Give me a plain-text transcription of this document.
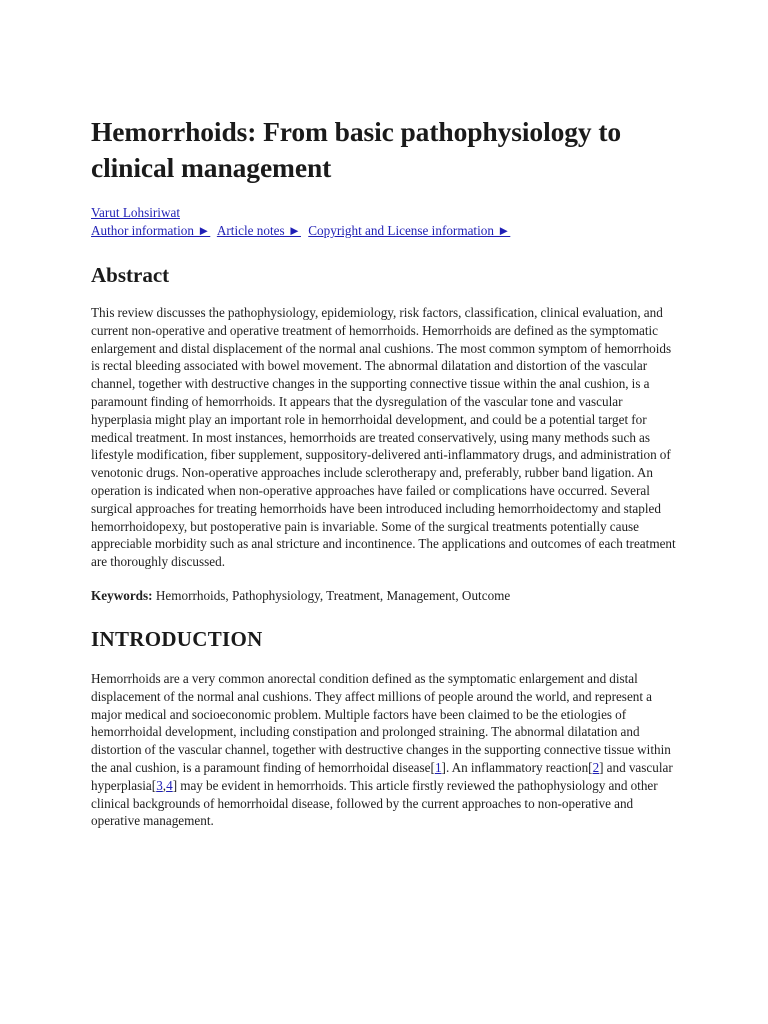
Hemorrhoids: From basic pathophysiology to clinical management
Varut Lohsiriwat
Author information ► Article notes ► Copyright and License information ►
Abstract

This review discusses the pathophysiology, epidemiology, risk factors, classification, clinical evaluation, and current non-operative and operative treatment of hemorrhoids. Hemorrhoids are defined as the symptomatic enlargement and distal displacement of the normal anal cushions. The most common symptom of hemorrhoids is rectal bleeding associated with bowel movement. The abnormal dilatation and distortion of the vascular channel, together with destructive changes in the supporting connective tissue within the anal cushion, is a paramount finding of hemorrhoids. It appears that the dysregulation of the vascular tone and vascular hyperplasia might play an important role in hemorrhoidal development, and could be a potential target for medical treatment. In most instances, hemorrhoids are treated conservatively, using many methods such as lifestyle modification, fiber supplement, suppository-delivered anti-inflammatory drugs, and administration of venotonic drugs. Non-operative approaches include sclerotherapy and, preferably, rubber band ligation. An operation is indicated when non-operative approaches have failed or complications have occurred. Several surgical approaches for treating hemorrhoids have been introduced including hemorrhoidectomy and stapled hemorrhoidopexy, but postoperative pain is invariable. Some of the surgical treatments potentially cause appreciable morbidity such as anal stricture and incontinence. The applications and outcomes of each treatment are thoroughly discussed.

Keywords: Hemorrhoids, Pathophysiology, Treatment, Management, Outcome

INTRODUCTION

Hemorrhoids are a very common anorectal condition defined as the symptomatic enlargement and distal displacement of the normal anal cushions. They affect millions of people around the world, and represent a major medical and socioeconomic problem. Multiple factors have been claimed to be the etiologies of hemorrhoidal development, including constipation and prolonged straining. The abnormal dilatation and distortion of the vascular channel, together with destructive changes in the supporting connective tissue within the anal cushion, is a paramount finding of hemorrhoidal disease[1]. An inflammatory reaction[2] and vascular hyperplasia[3,4] may be evident in hemorrhoids. This article firstly reviewed the pathophysiology and other clinical backgrounds of hemorrhoidal disease, followed by the current approaches to non-operative and operative management.
